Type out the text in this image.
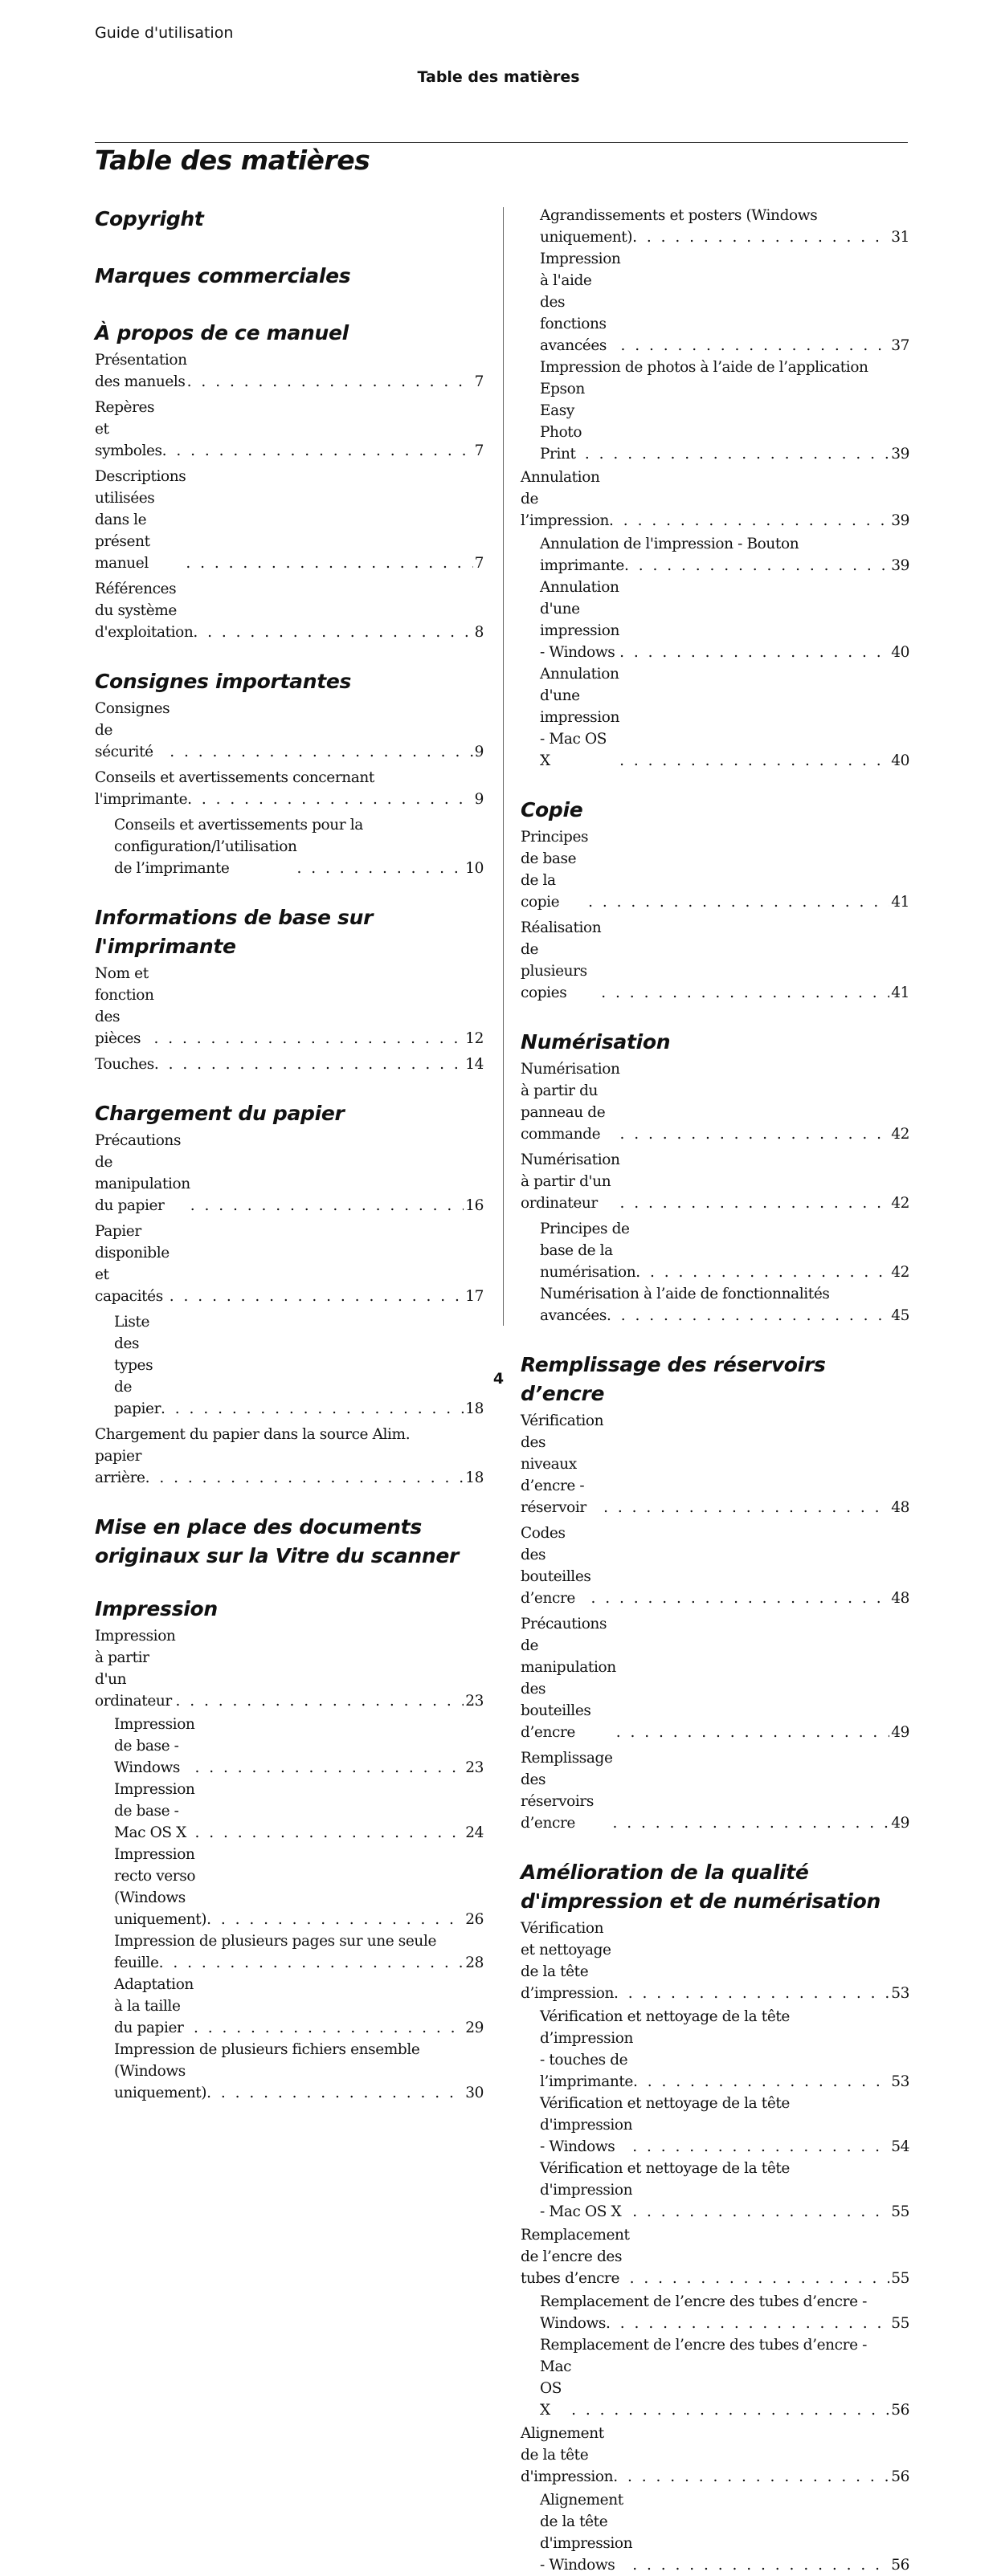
Guide d'utilisation
Table des matières
Table des matières
Copyright
Marques commerciales
À propos de ce manuel
Présentation des manuels . . .	7
Repères et symboles . . .	7
Descriptions utilisées dans le présent manuel . . .	7
Références du système d'exploitation . . .	8
Consignes importantes
Consignes de sécurité . . .	9
Conseils et avertissements concernant
l'imprimante . . .	9
Conseils et avertissements pour la
configuration/l’utilisation de l’imprimante . . .	10
Informations de base sur l'imprimante
Nom et fonction des pièces . . .	12
Touches . . .	14
Chargement du papier
Précautions de manipulation du papier . . .	16
Papier disponible et capacités . . .	17
Liste des types de papier . . .	18
Chargement du papier dans la source Alim.
papier arrière . . .	18
Mise en place des documents
originaux sur la Vitre du scanner
Impression
Impression à partir d'un ordinateur . . .	23
Impression de base - Windows . . .	23
Impression de base - Mac OS X . . .	24
Impression recto verso (Windows uniquement) . . .	26
Impression de plusieurs pages sur une seule
feuille . . .	28
Adaptation à la taille du papier . . .	29
Impression de plusieurs fichiers ensemble
(Windows uniquement) . . .	30
Agrandissements et posters (Windows
uniquement) . . .	31
Impression à l'aide des fonctions avancées . . .	37
Impression de photos à l’aide de l’application
Epson Easy Photo Print . . .	39
Annulation de l’impression . . .	39
Annulation de l'impression - Bouton
imprimante . . .	39
Annulation d'une impression - Windows . . .	40
Annulation d'une impression - Mac OS X . . .	40
Copie
Principes de base de la copie . . .	41
Réalisation de plusieurs copies . . .	41
Numérisation
Numérisation à partir du panneau de commande . . .	42
Numérisation à partir d'un ordinateur . . .	42
Principes de base de la numérisation . . .	42
Numérisation à l’aide de fonctionnalités
avancées . . .	45
Remplissage des réservoirs d’encre
Vérification des niveaux d’encre - réservoir . . .	48
Codes des bouteilles d’encre . . .	48
Précautions de manipulation des bouteilles d’encre . . .	49
Remplissage des réservoirs d’encre . . .	49
Amélioration de la qualité
d'impression et de numérisation
Vérification et nettoyage de la tête d’impression . . .	53
Vérification et nettoyage de la tête
d’impression - touches de l’imprimante . . .	53
Vérification et nettoyage de la tête
d'impression - Windows . . .	54
Vérification et nettoyage de la tête
d'impression - Mac OS X . . .	55
Remplacement de l’encre des tubes d’encre . . .	55
Remplacement de l’encre des tubes d’encre -
Windows . . .	55
Remplacement de l’encre des tubes d’encre -
Mac OS X . . .	56
Alignement de la tête d'impression . . .	56
Alignement de la tête d'impression - Windows . . .	56
4
